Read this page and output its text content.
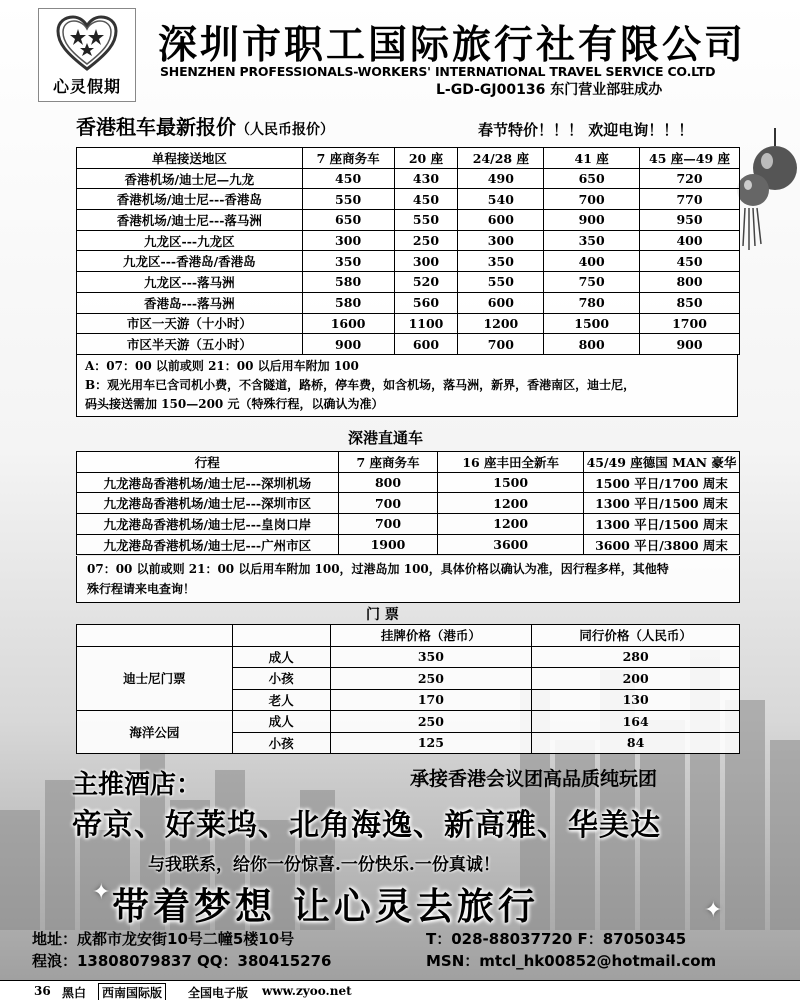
心灵假期
深圳市职工国际旅行社有限公司
SHENZHEN PROFESSIONALS-WORKERS' INTERNATIONAL TRAVEL SERVICE CO.LTD
L-GD-GJ00136 东门营业部驻成办
香港租车最新报价（人民币报价）	春节特价！！！ 欢迎电询！！！
单程接送地区	7 座商务车	20 座	24/28 座	41 座	45 座—49 座
香港机场/迪士尼—九龙	450	430	490	650	720
香港机场/迪士尼---香港岛	550	450	540	700	770
香港机场/迪士尼---落马洲	650	550	600	900	950
九龙区---九龙区	300	250	300	350	400
九龙区---香港岛/香港岛	350	300	350	400	450
九龙区---落马洲	580	520	550	750	800
香港岛---落马洲	580	560	600	780	850
市区一天游（十小时）	1600	1100	1200	1500	1700
市区半天游（五小时）	900	600	700	800	900
A：07：00 以前或则 21：00 以后用车附加 100
B：观光用车已含司机小费，不含隧道，路桥，停车费，如含机场，落马洲，新界，香港南区，迪士尼，
码头接送需加 150—200 元（特殊行程，以确认为准）
深港直通车
行程	7 座商务车	16 座丰田全新车	45/49 座德国 MAN 豪华
九龙港岛香港机场/迪士尼---深圳机场	800	1500	1500 平日/1700 周末
九龙港岛香港机场/迪士尼---深圳市区	700	1200	1300 平日/1500 周末
九龙港岛香港机场/迪士尼---皇岗口岸	700	1200	1300 平日/1500 周末
九龙港岛香港机场/迪士尼---广州市区	1900	3600	3600 平日/3800 周末
07：00 以前或则 21：00 以后用车附加 100，过港岛加 100，具体价格以确认为准，因行程多样，其他特
殊行程请来电查询！
门 票
		挂牌价格（港币）	同行价格（人民币）
迪士尼门票	成人	350	280
	小孩	250	200
	老人	170	130
海洋公园	成人	250	164
	小孩	125	84
主推酒店：	承接香港会议团高品质纯玩团
帝京、好莱坞、北角海逸、新高雅、华美达
与我联系，给你一份惊喜.一份快乐.一份真诚！
✦
✦
带着梦想 让心灵去旅行
地址：成都市龙安街10号二幢5楼10号	T：028-88037720 F：87050345
程浪：13808079837 QQ：380415276	MSN：mtcl_hk00852@hotmail.com
36 黑白	西南国际版	全国电子版 www.zyoo.net
